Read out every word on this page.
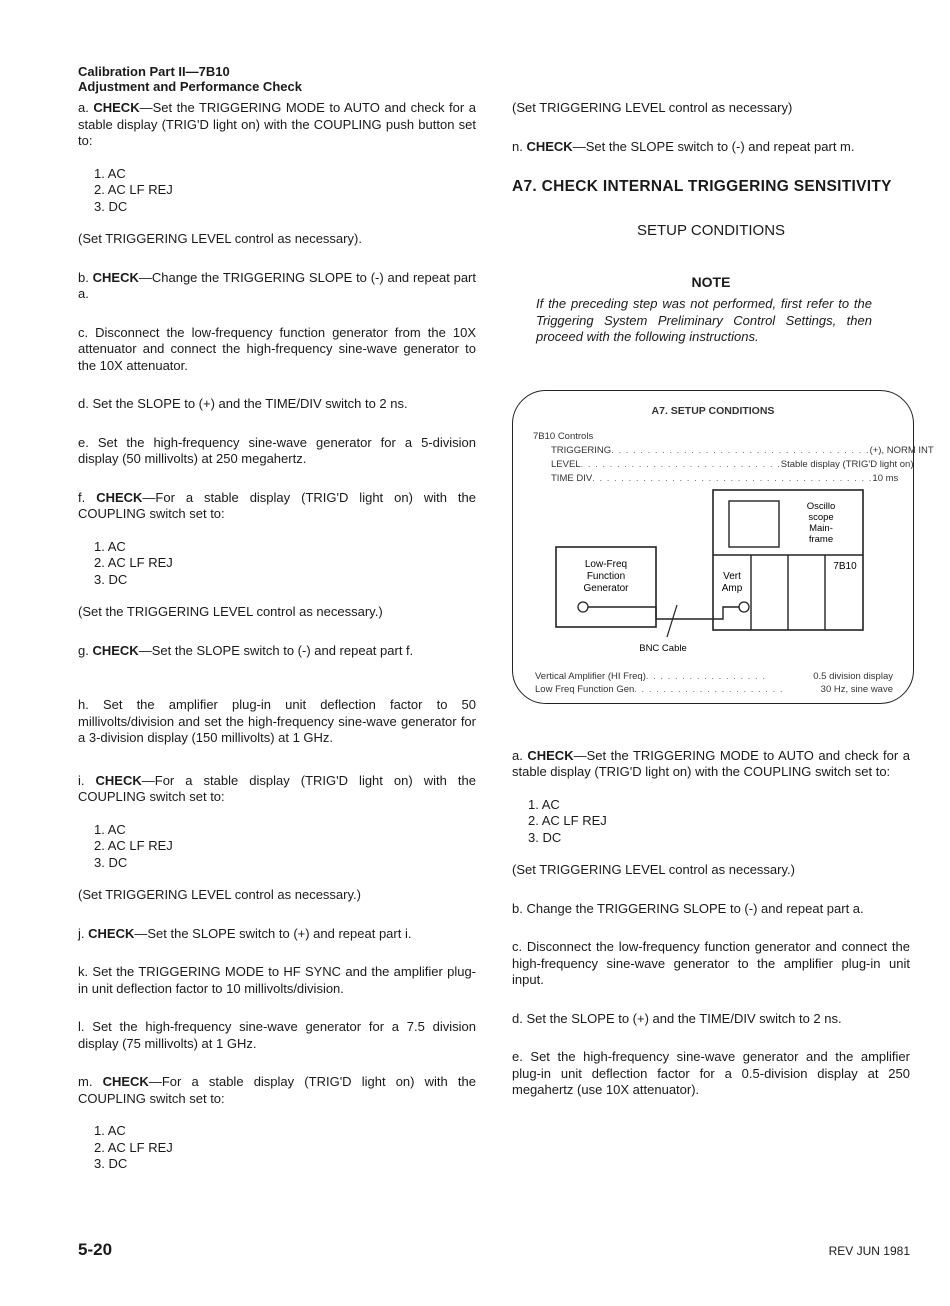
Calibration Part II—7B10
Adjustment and Performance Check

a. CHECK—Set the TRIGGERING MODE to AUTO and check for a stable display (TRIG'D light on) with the COUPLING push button set to:

1. AC
2. AC LF REJ
3. DC

(Set TRIGGERING LEVEL control as necessary).

b. CHECK—Change the TRIGGERING SLOPE to (-) and repeat part a.

c. Disconnect the low-frequency function generator from the 10X attenuator and connect the high-frequency sine-wave generator to the 10X attenuator.

d. Set the SLOPE to (+) and the TIME/DIV switch to 2 ns.

e. Set the high-frequency sine-wave generator for a 5-division display (50 millivolts) at 250 megahertz.

f. CHECK—For a stable display (TRIG'D light on) with the COUPLING switch set to:

1. AC
2. AC LF REJ
3. DC

(Set the TRIGGERING LEVEL control as necessary.)

g. CHECK—Set the SLOPE switch to (-) and repeat part f.

h. Set the amplifier plug-in unit deflection factor to 50 millivolts/division and set the high-frequency sine-wave generator for a 3-division display (150 millivolts) at 1 GHz.

i. CHECK—For a stable display (TRIG'D light on) with the COUPLING switch set to:

1. AC
2. AC LF REJ
3. DC

(Set TRIGGERING LEVEL control as necessary.)

j. CHECK—Set the SLOPE switch to (+) and repeat part i.

k. Set the TRIGGERING MODE to HF SYNC and the amplifier plug-in unit deflection factor to 10 millivolts/division.

l. Set the high-frequency sine-wave generator for a 7.5 division display (75 millivolts) at 1 GHz.

m. CHECK—For a stable display (TRIG'D light on) with the COUPLING switch set to:

1. AC
2. AC LF REJ
3. DC

(Set TRIGGERING LEVEL control as necessary)

n. CHECK—Set the SLOPE switch to (-) and repeat part m.

A7. CHECK INTERNAL TRIGGERING SENSITIVITY
SETUP CONDITIONS
NOTE
If the preceding step was not performed, first refer to the Triggering System Preliminary Control Settings, then proceed with the following instructions.
A7. SETUP CONDITIONS
7B10 Controls
TRIGGERING . . . . . . . . . . . . . . . . . . . . . . . . . . . . . . . . . . . . (+), NORM INT
LEVEL . . . . . . . . . . . . . . . . . . . . . . . . . . . . Stable display (TRIG'D light on)
TIME DIV . . . . . . . . . . . . . . . . . . . . . . . . . . . . . . . . . . . . . . . 10 ms
Oscillo
scope
Main-
frame
7B10
Vert
Amp
Low-Freq
Function
Generator
BNC Cable
Vertical Amplifier (HI Freq) . . . . . . . . . . . . . . . . .	0.5 division display
Low Freq Function Gen . . . . . . . . . . . . . . . . . . . . .	30 Hz, sine wave

a. CHECK—Set the TRIGGERING MODE to AUTO and check for a stable display (TRIG'D light on) with the COUPLING switch set to:

1. AC
2. AC LF REJ
3. DC

(Set TRIGGERING LEVEL control as necessary.)

b. Change the TRIGGERING SLOPE to (-) and repeat part a.

c. Disconnect the low-frequency function generator and connect the high-frequency sine-wave generator to the amplifier plug-in unit input.

d. Set the SLOPE to (+) and the TIME/DIV switch to 2 ns.

e. Set the high-frequency sine-wave generator and the amplifier plug-in unit deflection factor for a 0.5-division display at 250 megahertz (use 10X attenuator).

5-20	REV JUN 1981
